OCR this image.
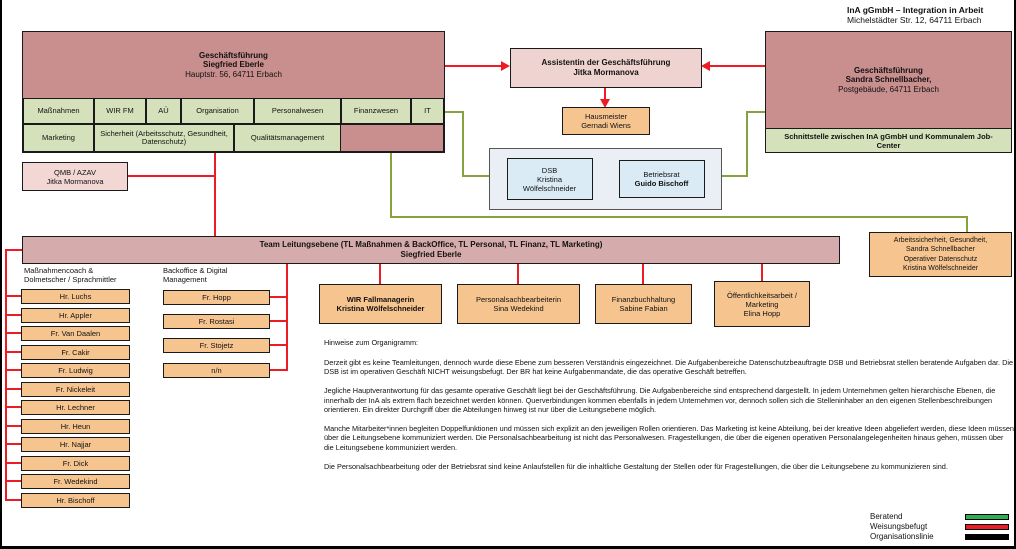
InA gGmbH – Integration in Arbeit
Michelstädter Str. 12, 64711 Erbach
Geschäftsführung
Siegfried Eberle
Hauptstr. 56, 64711 Erbach
Maßnahmen	WIR FM	AÜ	Organisation	Personalwesen	Finanzwesen	IT
Marketing	Sicherheit (Arbeitsschutz, Gesundheit, Datenschutz)	Qualitätsmanagement
QMB / AZAV
Jitka Mormanova
Assistentin der Geschäftsführung
Jitka Mormanova
Hausmeister
Gernadi Wiens
Geschäftsführung
Sandra Schnellbacher,
Postgebäude, 64711 Erbach
Schnittstelle zwischen InA gGmbH und Kommunalem Job-Center
DSB
Kristina
Wölfelschneider
Betriebsrat
Guido Bischoff
Arbeitssicherheit, Gesundheit,
Sandra Schnellbacher
Operativer Datenschutz
Kristina Wölfelschneider
Team Leitungsebene (TL Maßnahmen & BackOffice, TL Personal, TL Finanz, TL Marketing)
Siegfried Eberle
Maßnahmencoach &
Dolmetscher / Sprachmittler
Hr. Luchs
Hr. Appler
Fr. Van Daalen
Fr. Cakir
Fr. Ludwig
Fr. Nickeleit
Hr. Lechner
Hr. Heun
Hr. Najjar
Fr. Dick
Fr. Wedekind
Hr. Bischoff
Backoffice & Digital
Management
Fr. Hopp
Fr. Rostasi
Fr. Stojetz
n/n
WIR Fallmanagerin
Kristina Wölfelschneider
Personalsachbearbeiterin
Sina Wedekind
Finanzbuchhaltung
Sabine Fabian
Öffentlichkeitsarbeit /
Marketing
Elina Hopp

Hinweise zum Organigramm:

Derzeit gibt es keine Teamleitungen, dennoch wurde diese Ebene zum besseren Verständnis eingezeichnet. Die Aufgabenbereiche Datenschutzbeauftragte DSB und Betriebsrat stellen beratende Aufgaben dar. Die DSB ist im operativen Geschäft NICHT weisungsbefugt. Der BR hat keine Aufgabenmandate, die das operative Geschäft betreffen.

Jegliche Hauptverantwortung für das gesamte operative Geschäft liegt bei der Geschäftsführung. Die Aufgabenbereiche sind entsprechend dargestellt. In jedem Unternehmen gelten hierarchische Ebenen, die innerhalb der InA als extrem flach bezeichnet werden können. Querverbindungen kommen ebenfalls in jedem Unternehmen vor, dennoch sollen sich die Stelleninhaber an den eigenen Stellenbeschreibungen orientieren. Ein direkter Durchgriff über die Abteilungen hinweg ist nur über die Leitungsebene möglich.

Manche Mitarbeiter*innen begleiten Doppelfunktionen und müssen sich explizit an den jeweiligen Rollen orientieren. Das Marketing ist keine Abteilung, bei der kreative Ideen abgeliefert werden, diese Ideen müssen über die Leitungsebene kommuniziert werden. Die Personalsachbearbeitung ist nicht das Personalwesen. Fragestellungen, die über die eigenen operativen Personalangelegenheiten hinaus gehen, müssen über die Leitungsebene kommuniziert werden.

Die Personalsachbearbeitung oder der Betriebsrat sind keine Anlaufstellen für die inhaltliche Gestaltung der Stellen oder für Fragestellungen, die über die Leitungsebene zu kommunizieren sind.

Beratend
Weisungsbefugt
Organisationslinie
